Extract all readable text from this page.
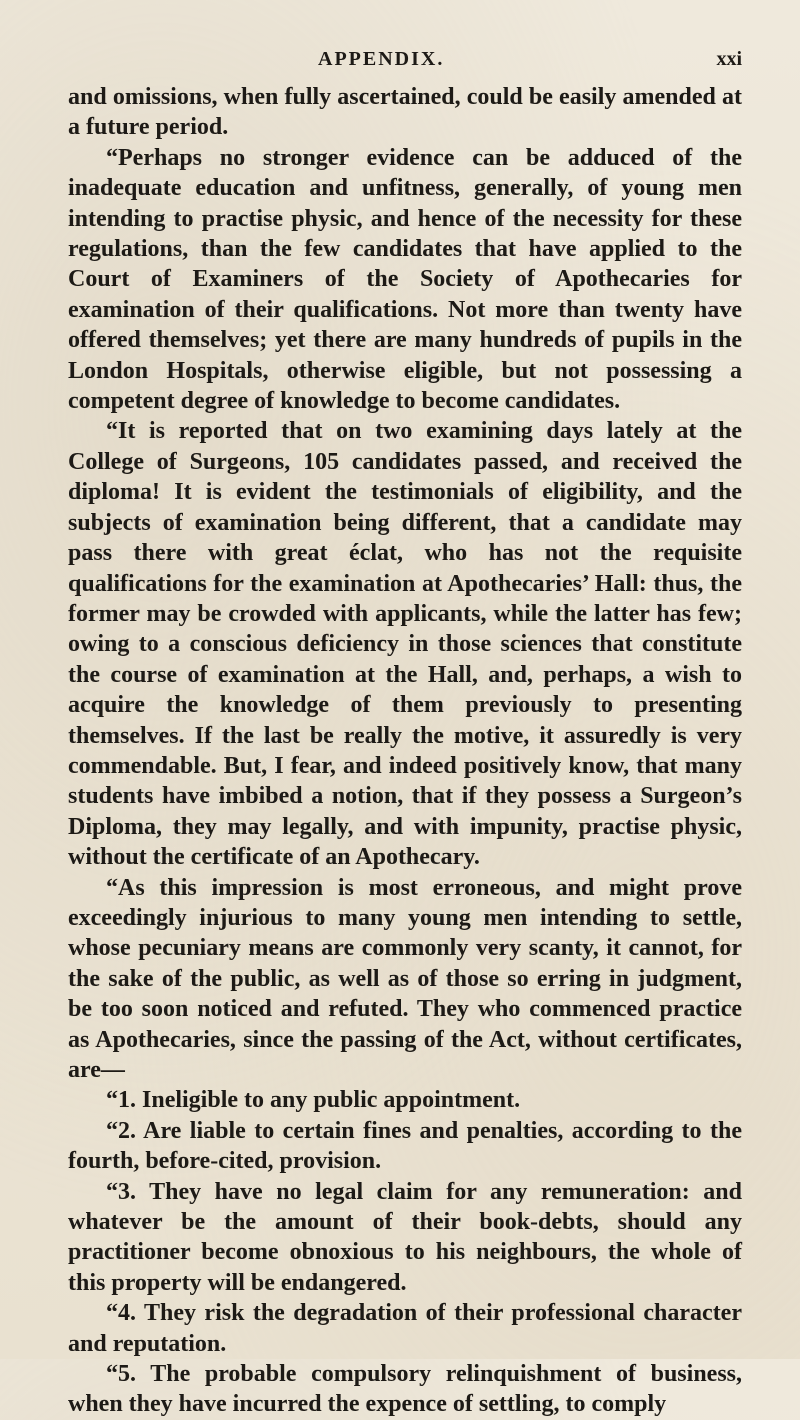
APPENDIX.	xxi

and omissions, when fully ascertained, could be easily amended at a future period.

“Perhaps no stronger evidence can be adduced of the inadequate education and unfitness, generally, of young men intending to practise physic, and hence of the necessity for these regulations, than the few candidates that have applied to the Court of Examiners of the Society of Apothecaries for examination of their qualifications. Not more than twenty have offered themselves; yet there are many hundreds of pupils in the London Hospitals, otherwise eligible, but not possessing a competent degree of knowledge to become candidates.

“It is reported that on two examining days lately at the College of Surgeons, 105 candidates passed, and received the diploma! It is evident the testimonials of eligibility, and the subjects of examination being different, that a candidate may pass there with great éclat, who has not the requisite qualifications for the examination at Apothecaries’ Hall: thus, the former may be crowded with applicants, while the latter has few; owing to a conscious deficiency in those sciences that constitute the course of examination at the Hall, and, perhaps, a wish to acquire the knowledge of them previously to presenting themselves. If the last be really the motive, it assuredly is very commendable. But, I fear, and indeed positively know, that many students have imbibed a notion, that if they possess a Surgeon’s Diploma, they may legally, and with impunity, practise physic, without the certificate of an Apothecary.

“As this impression is most erroneous, and might prove exceedingly injurious to many young men intending to settle, whose pecuniary means are commonly very scanty, it cannot, for the sake of the public, as well as of those so erring in judgment, be too soon noticed and refuted. They who commenced practice as Apothecaries, since the passing of the Act, without certificates, are—

“1. Ineligible to any public appointment.

“2. Are liable to certain fines and penalties, according to the fourth, before-cited, provision.

“3. They have no legal claim for any remuneration: and whatever be the amount of their book-debts, should any practitioner become obnoxious to his neighbours, the whole of this property will be endangered.

“4. They risk the degradation of their professional character and reputation.

“5. The probable compulsory relinquishment of business, when they have incurred the expence of settling, to comply
